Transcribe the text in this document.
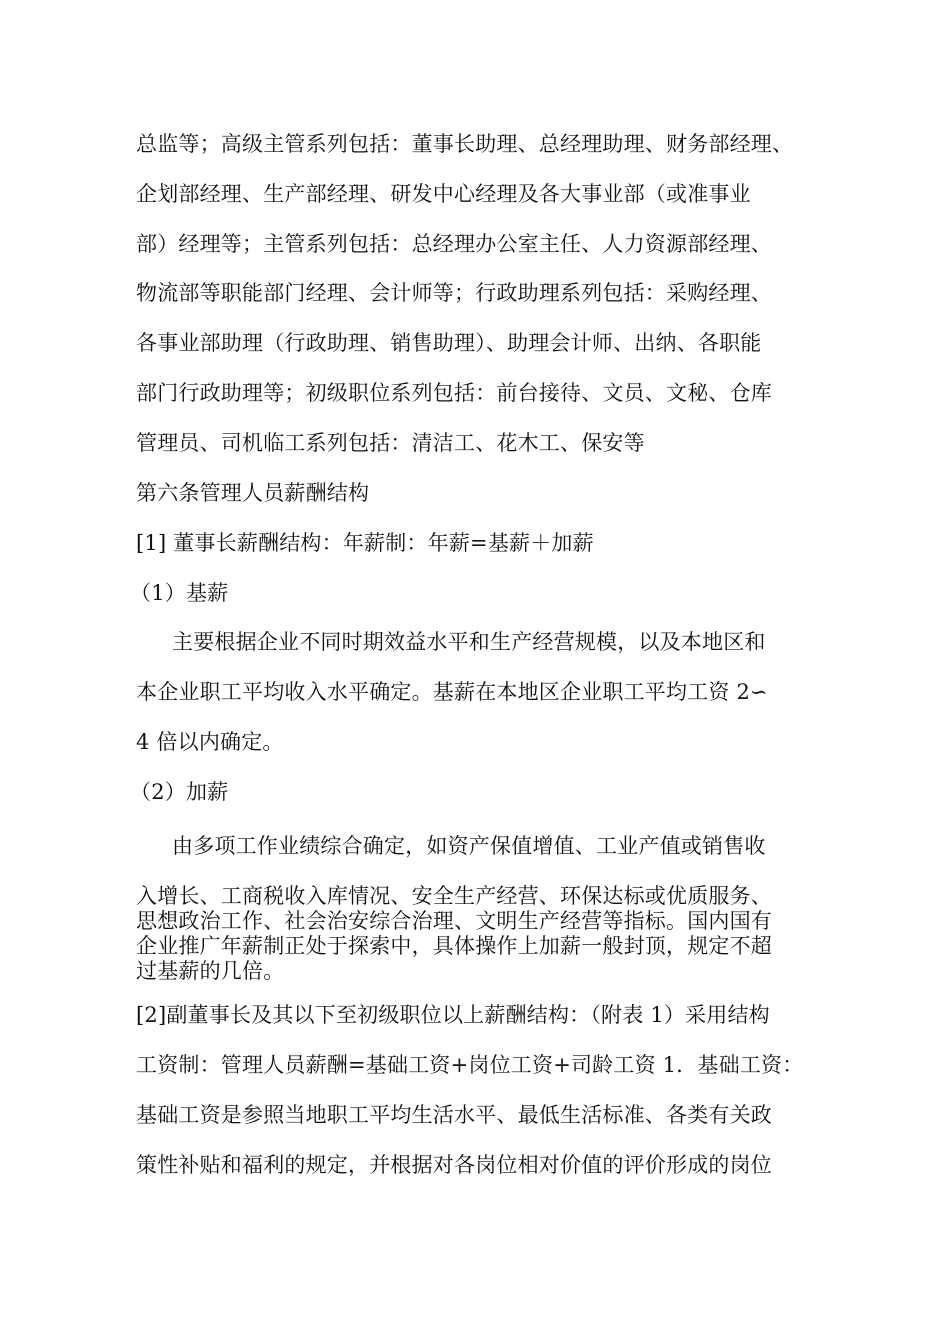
总监等；高级主管系列包括：董事长助理、总经理助理、财务部经理、
企划部经理、生产部经理、研发中心经理及各大事业部（或准事业
部）经理等；主管系列包括：总经理办公室主任、人力资源部经理、
物流部等职能部门经理、会计师等；行政助理系列包括：采购经理、
各事业部助理（行政助理、销售助理）、助理会计师、出纳、各职能
部门行政助理等；初级职位系列包括：前台接待、文员、文秘、仓库
管理员、司机临工系列包括：清洁工、花木工、保安等
第六条管理人员薪酬结构
[1] 董事长薪酬结构：年薪制：年薪=基薪＋加薪
（1）基薪
主要根据企业不同时期效益水平和生产经营规模，以及本地区和
本企业职工平均收入水平确定。基薪在本地区企业职工平均工资 2∽
4 倍以内确定。
（2）加薪
由多项工作业绩综合确定，如资产保值增值、工业产值或销售收
入增长、工商税收入库情况、安全生产经营、环保达标或优质服务、
思想政治工作、社会治安综合治理、文明生产经营等指标。国内国有
企业推广年薪制正处于探索中，具体操作上加薪一般封顶，规定不超
过基薪的几倍。
[2]副董事长及其以下至初级职位以上薪酬结构：（附表 1）采用结构
工资制：管理人员薪酬=基础工资+岗位工资+司龄工资 1．基础工资：
基础工资是参照当地职工平均生活水平、最低生活标准、各类有关政
策性补贴和福利的规定，并根据对各岗位相对价值的评价形成的岗位
